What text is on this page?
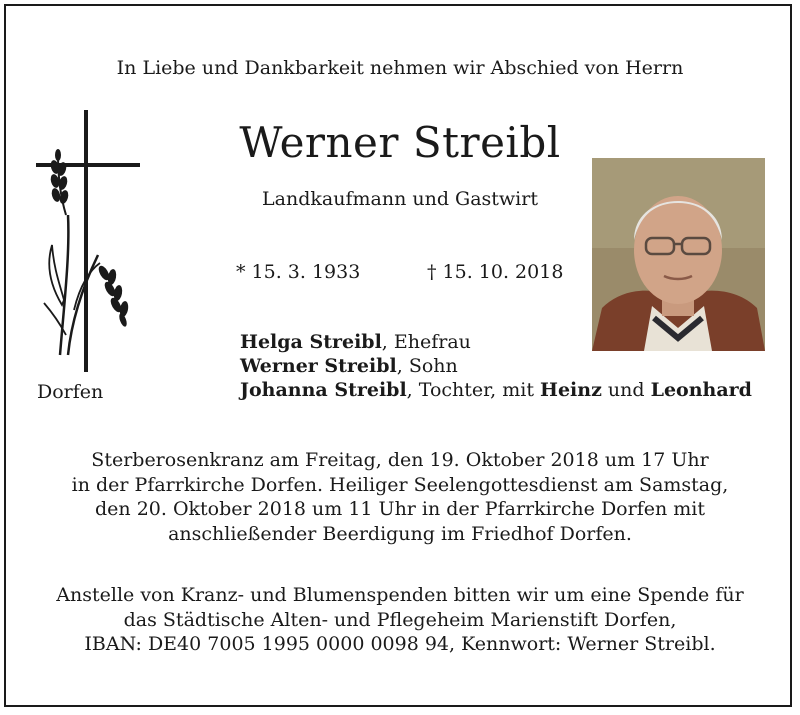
In Liebe und Dankbarkeit nehmen wir Abschied von Herrn
Werner Streibl
Landkaufmann und Gastwirt
* 15. 3. 1933	† 15. 10. 2018
Helga Streibl, Ehefrau
Werner Streibl, Sohn
Johanna Streibl, Tochter, mit Heinz und Leonhard
Dorfen
Sterberosenkranz am Freitag, den 19. Oktober 2018 um 17 Uhr
in der Pfarrkirche Dorfen. Heiliger Seelengottesdienst am Samstag,
den 20. Oktober 2018 um 11 Uhr in der Pfarrkirche Dorfen mit
anschließender Beerdigung im Friedhof Dorfen.
Anstelle von Kranz- und Blumenspenden bitten wir um eine Spende für
das Städtische Alten- und Pflegeheim Marienstift Dorfen,
IBAN: DE40 7005 1995 0000 0098 94, Kennwort: Werner Streibl.
